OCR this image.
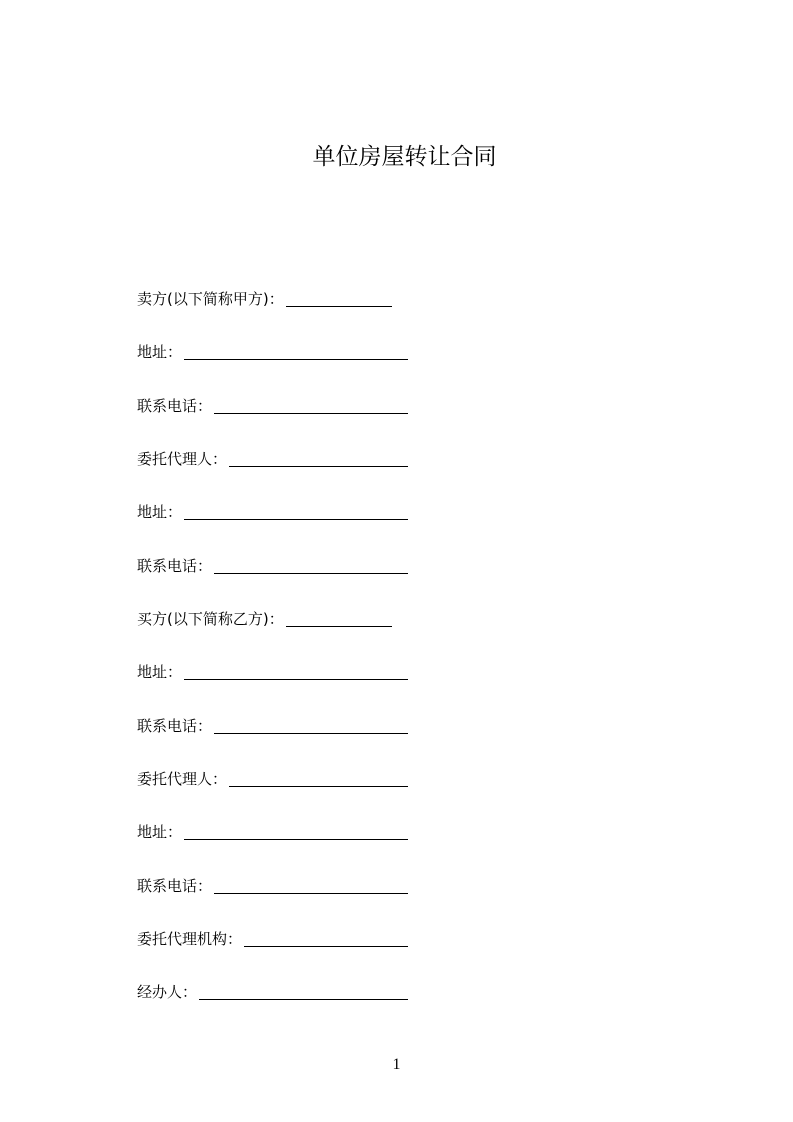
单位房屋转让合同
卖方(以下简称甲方)：
地址：
联系电话：
委托代理人：
地址：
联系电话：
买方(以下简称乙方)：
地址：
联系电话：
委托代理人：
地址：
联系电话：
委托代理机构：
经办人：
1
